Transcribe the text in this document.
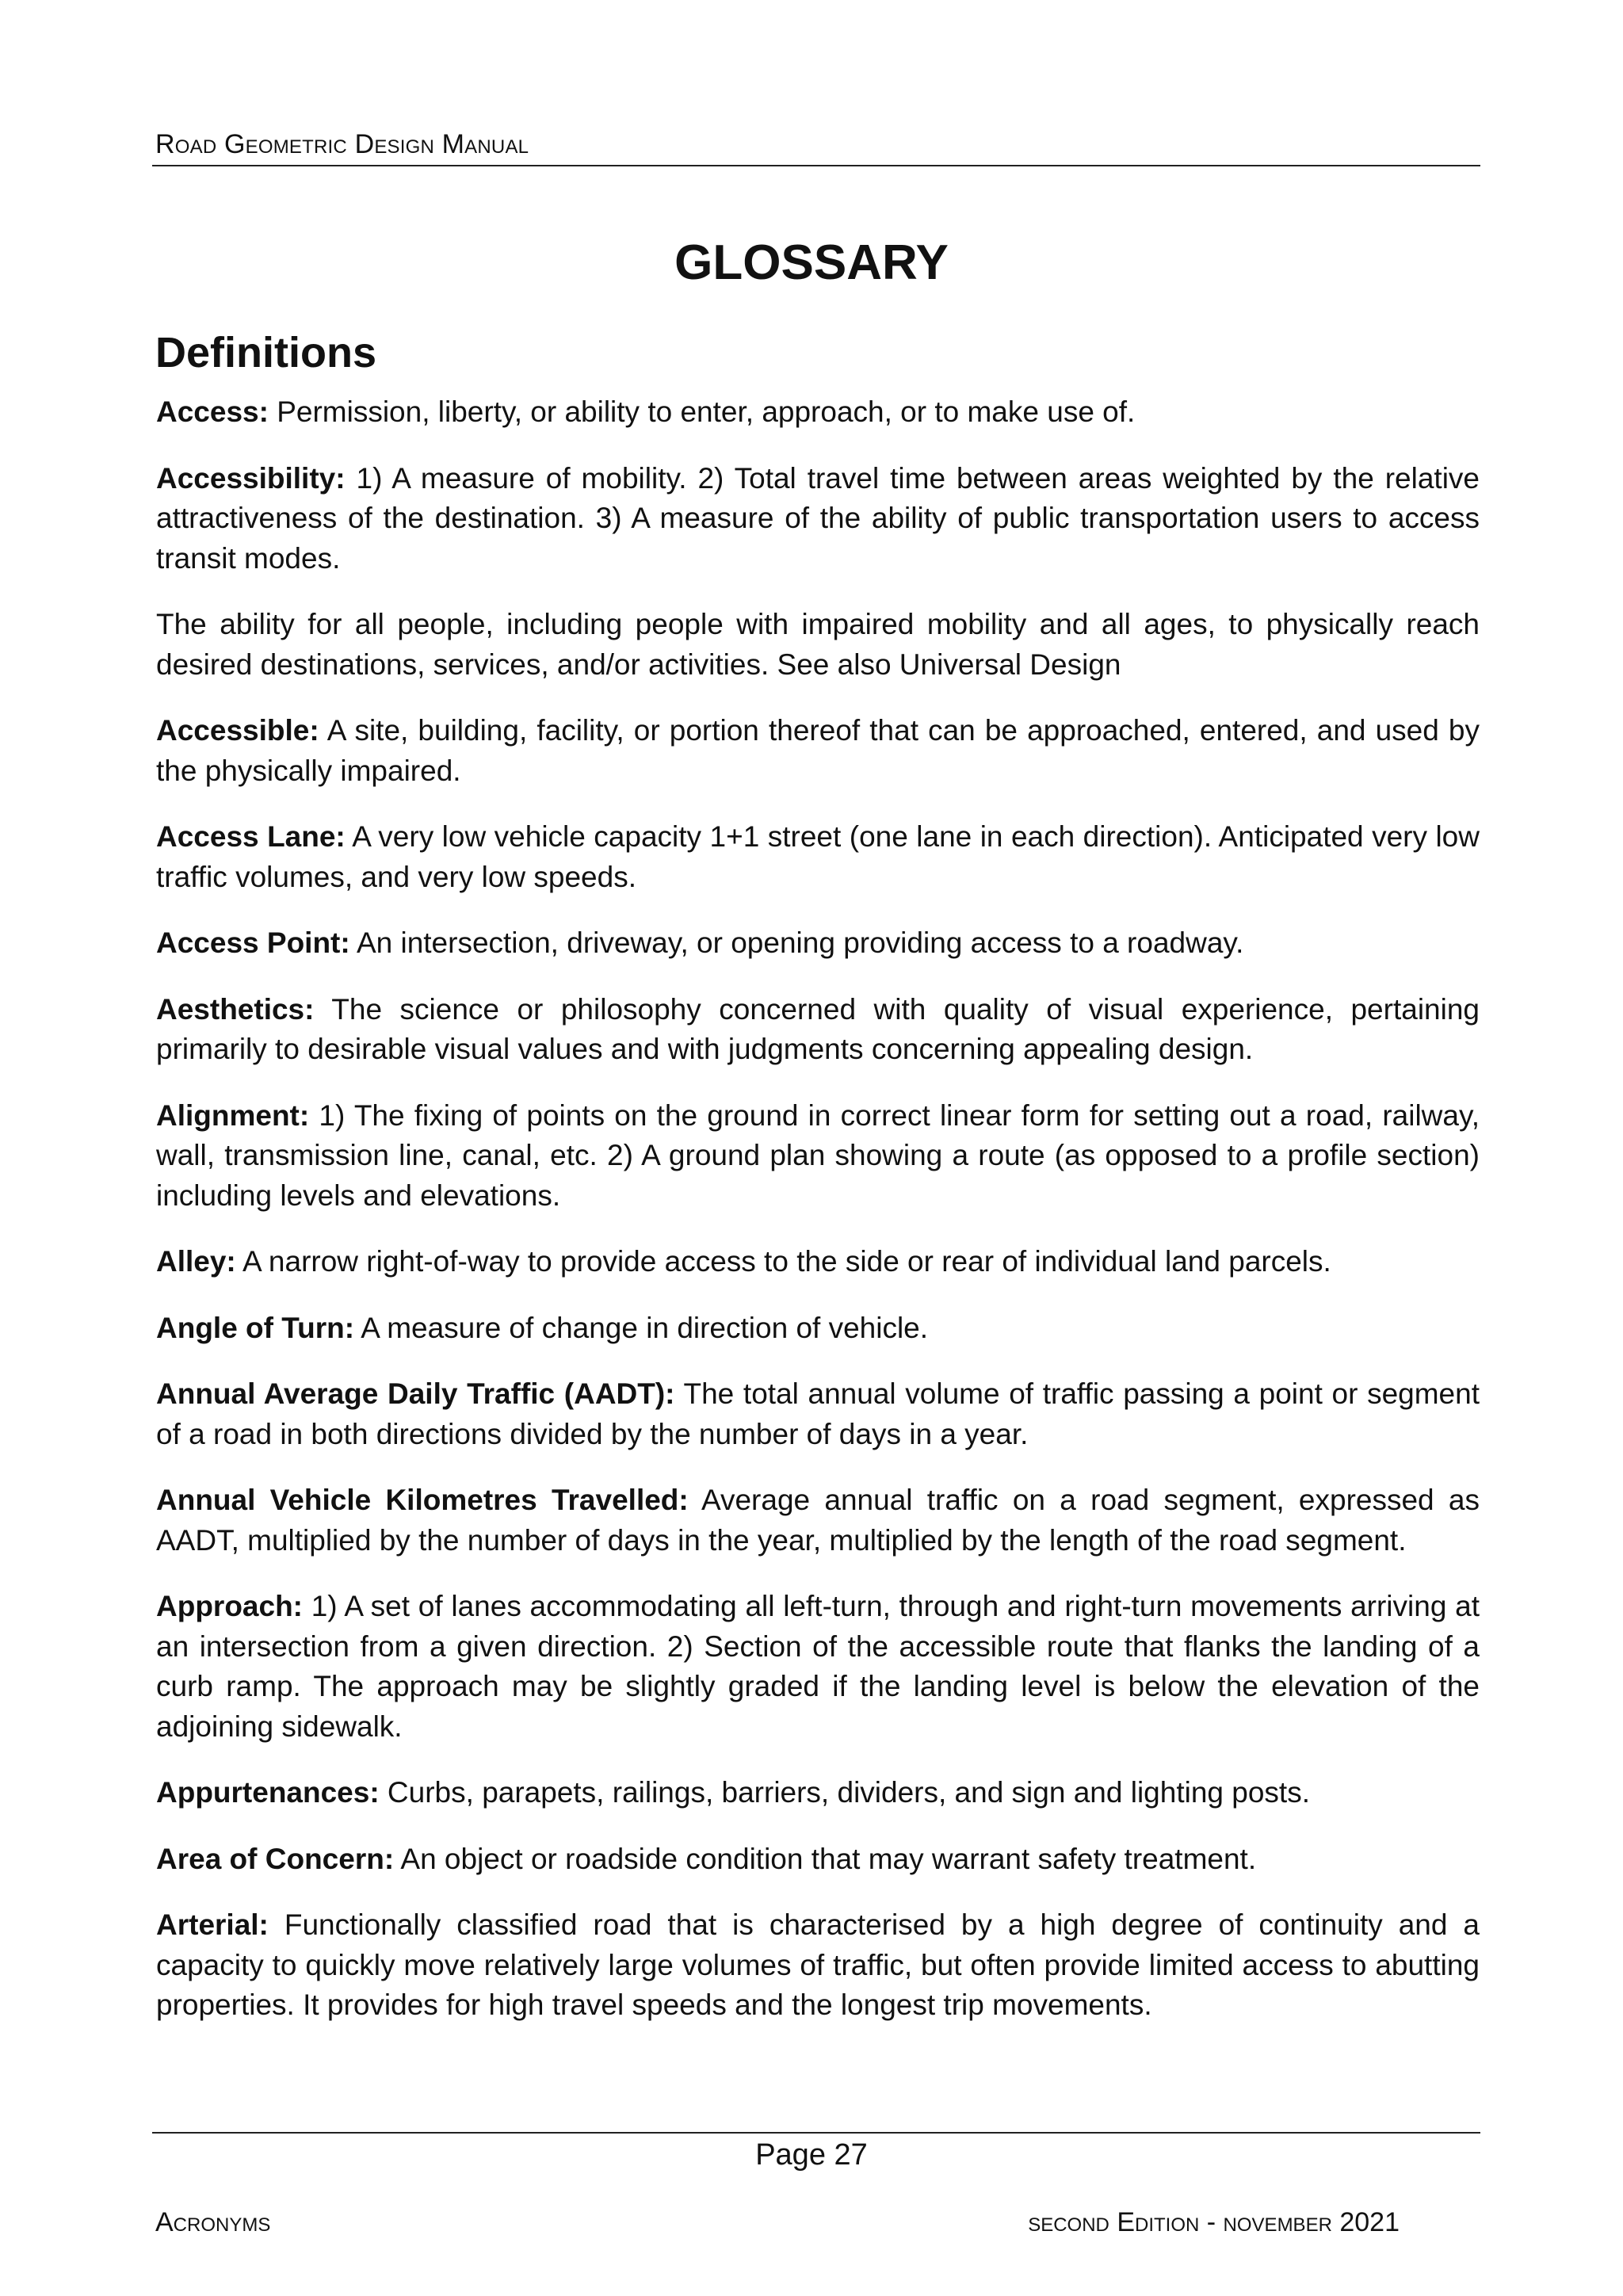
Road Geometric Design Manual
GLOSSARY
Definitions

Access: Permission, liberty, or ability to enter, approach, or to make use of.

Accessibility: 1) A measure of mobility. 2) Total travel time between areas weighted by the relative attractiveness of the destination. 3) A measure of the ability of public transportation users to access transit modes.

The ability for all people, including people with impaired mobility and all ages, to physically reach desired destinations, services, and/or activities. See also Universal Design

Accessible: A site, building, facility, or portion thereof that can be approached, entered, and used by the physically impaired.

Access Lane: A very low vehicle capacity 1+1 street (one lane in each direction). Anticipated very low traffic volumes, and very low speeds.

Access Point: An intersection, driveway, or opening providing access to a roadway.

Aesthetics: The science or philosophy concerned with quality of visual experience, pertaining primarily to desirable visual values and with judgments concerning appealing design.

Alignment: 1) The fixing of points on the ground in correct linear form for setting out a road, railway, wall, transmission line, canal, etc. 2) A ground plan showing a route (as opposed to a profile section) including levels and elevations.

Alley: A narrow right-of-way to provide access to the side or rear of individual land parcels.

Angle of Turn: A measure of change in direction of vehicle.

Annual Average Daily Traffic (AADT): The total annual volume of traffic passing a point or segment of a road in both directions divided by the number of days in a year.

Annual Vehicle Kilometres Travelled: Average annual traffic on a road segment, expressed as AADT, multiplied by the number of days in the year, multiplied by the length of the road segment.

Approach: 1) A set of lanes accommodating all left-turn, through and right-turn movements arriving at an intersection from a given direction. 2) Section of the accessible route that flanks the landing of a curb ramp. The approach may be slightly graded if the landing level is below the elevation of the adjoining sidewalk.

Appurtenances: Curbs, parapets, railings, barriers, dividers, and sign and lighting posts.

Area of Concern: An object or roadside condition that may warrant safety treatment.

Arterial: Functionally classified road that is characterised by a high degree of continuity and a capacity to quickly move relatively large volumes of traffic, but often provide limited access to abutting properties. It provides for high travel speeds and the longest trip movements.

Page 27
Acronyms	second Edition - november 2021
